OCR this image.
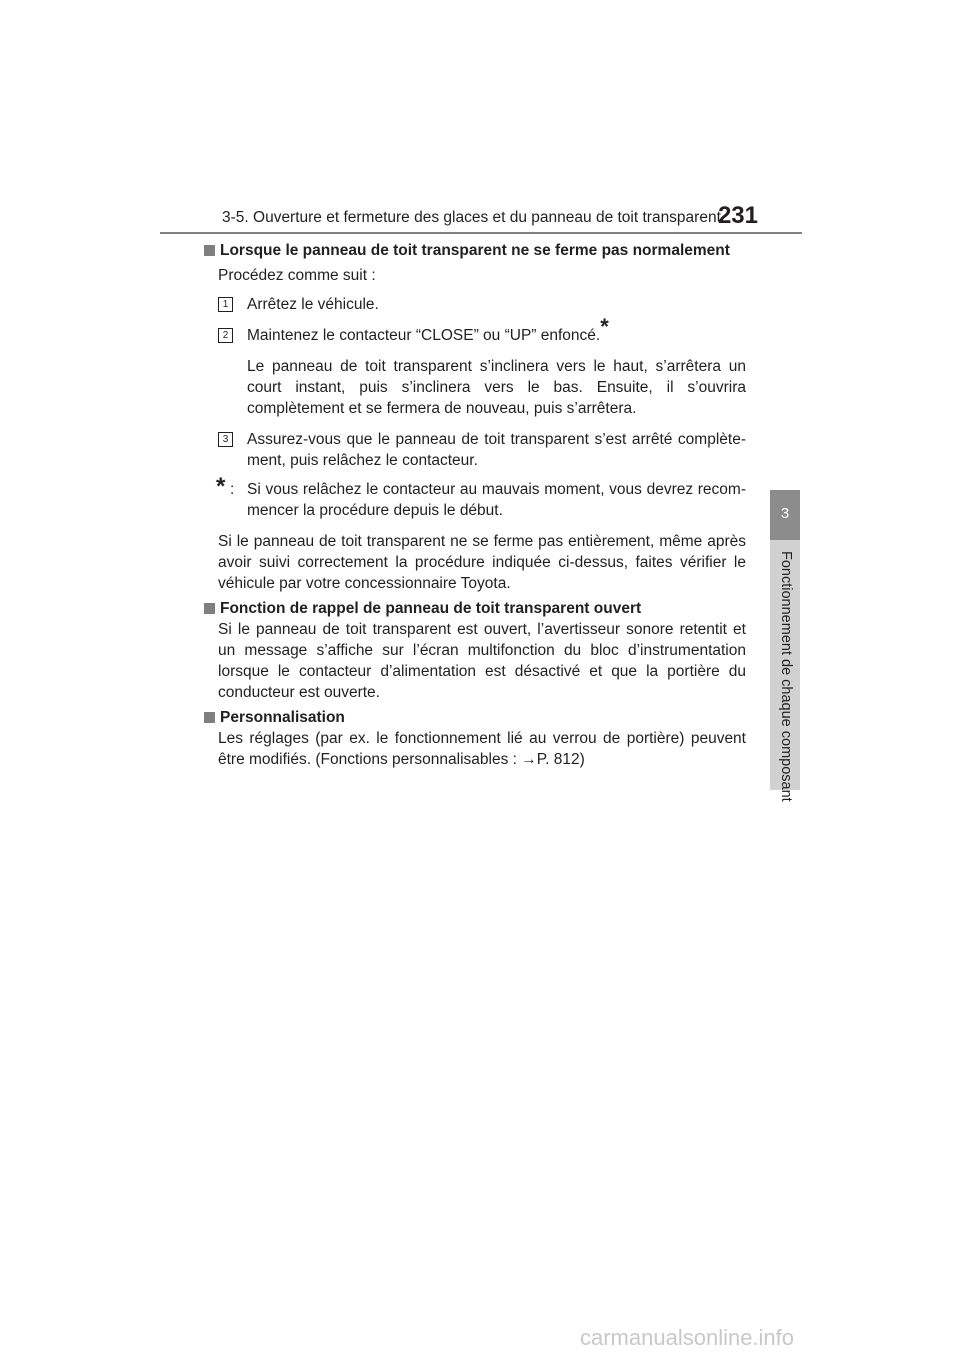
3-5. Ouverture et fermeture des glaces et du panneau de toit transparent
231
3
Fonctionnement de chaque composant
Lorsque le panneau de toit transparent ne se ferme pas normalement

Procédez comme suit :

1	Arrêtez le véhicule.
2	Maintenez le contacteur “CLOSE” ou “UP” enfoncé.*

Le panneau de toit transparent s’inclinera vers le haut, s’arrêtera un court instant, puis s’inclinera vers le bas. Ensuite, il s’ouvrira complètement et se fermera de nouveau, puis s’arrêtera.

3	Assurez-vous que le panneau de toit transparent s’est arrêté complète-ment, puis relâchez le contacteur.

* : Si vous relâchez le contacteur au mauvais moment, vous devrez recom-mencer la procédure depuis le début.

Si le panneau de toit transparent ne se ferme pas entièrement, même après avoir suivi correctement la procédure indiquée ci-dessus, faites vérifier le véhicule par votre concessionnaire Toyota.

Fonction de rappel de panneau de toit transparent ouvert

Si le panneau de toit transparent est ouvert, l’avertisseur sonore retentit et un message s’affiche sur l’écran multifonction du bloc d’instrumentation lorsque le contacteur d’alimentation est désactivé et que la portière du conducteur est ouverte.

Personnalisation

Les réglages (par ex. le fonctionnement lié au verrou de portière) peuvent être modifiés. (Fonctions personnalisables : →P. 812)

carmanualsonline.info
